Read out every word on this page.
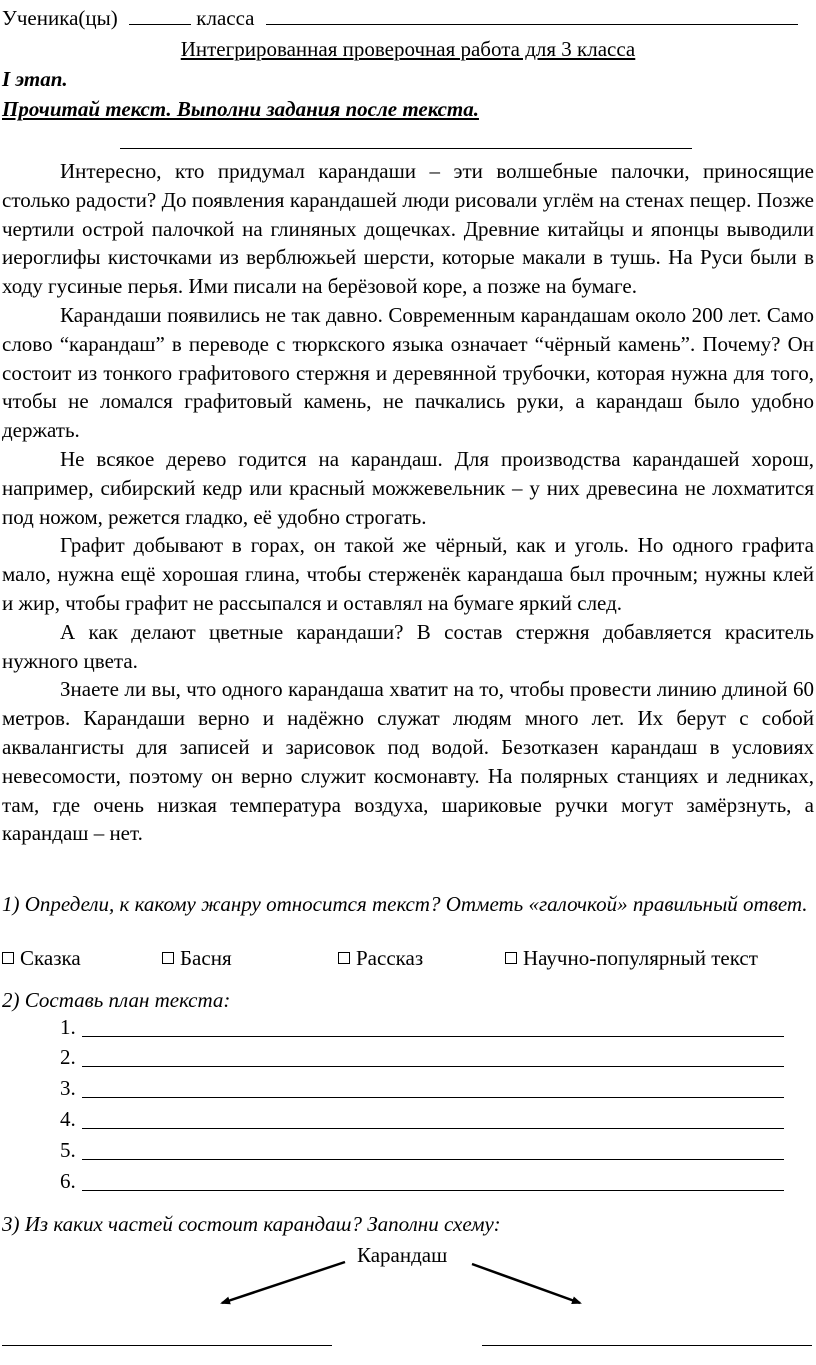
Ученика(цы)	класса
Интегрированная проверочная работа для 3 класса
I этап.
Прочитай текст. Выполни задания после текста.

Интересно, кто придумал карандаши – эти волшебные палочки, приносящие столько радости? До появления карандашей люди рисовали углём на стенах пещер. Позже чертили острой палочкой на глиняных дощечках. Древние китайцы и японцы выводили иероглифы кисточками из верблюжьей шерсти, которые макали в тушь. На Руси были в ходу гусиные перья. Ими писали на берёзовой коре, а позже на бумаге.

Карандаши появились не так давно. Современным карандашам около 200 лет. Само слово “карандаш” в переводе с тюркского языка означает “чёрный камень”. Почему? Он состоит из тонкого графитового стержня и деревянной трубочки, которая нужна для того, чтобы не ломался графитовый камень, не пачкались руки, а карандаш было удобно держать.

Не всякое дерево годится на карандаш. Для производства карандашей хорош, например, сибирский кедр или красный можжевельник – у них древесина не лохматится под ножом, режется гладко, её удобно строгать.

Графит добывают в горах, он такой же чёрный, как и уголь. Но одного графита мало, нужна ещё хорошая глина, чтобы стерженёк карандаша был прочным; нужны клей и жир, чтобы графит не рассыпался и оставлял на бумаге яркий след.

А как делают цветные карандаши? В состав стержня добавляется краситель нужного цвета.

Знаете ли вы, что одного карандаша хватит на то, чтобы провести линию длиной 60 метров. Карандаши верно и надёжно служат людям много лет. Их берут с собой аквалангисты для записей и зарисовок под водой. Безотказен карандаш в условиях невесомости, поэтому он верно служит космонавту. На полярных станциях и ледниках, там, где очень низкая температура воздуха, шариковые ручки могут замёрзнуть, а карандаш – нет.

1) Определи, к какому жанру относится текст? Отметь «галочкой» правильный ответ.
Сказка	Басня	Рассказ	Научно-популярный текст
2) Составь план текста:
1.
2.
3.
4.
5.
6.
3) Из каких частей состоит карандаш? Заполни схему:
Карандаш
